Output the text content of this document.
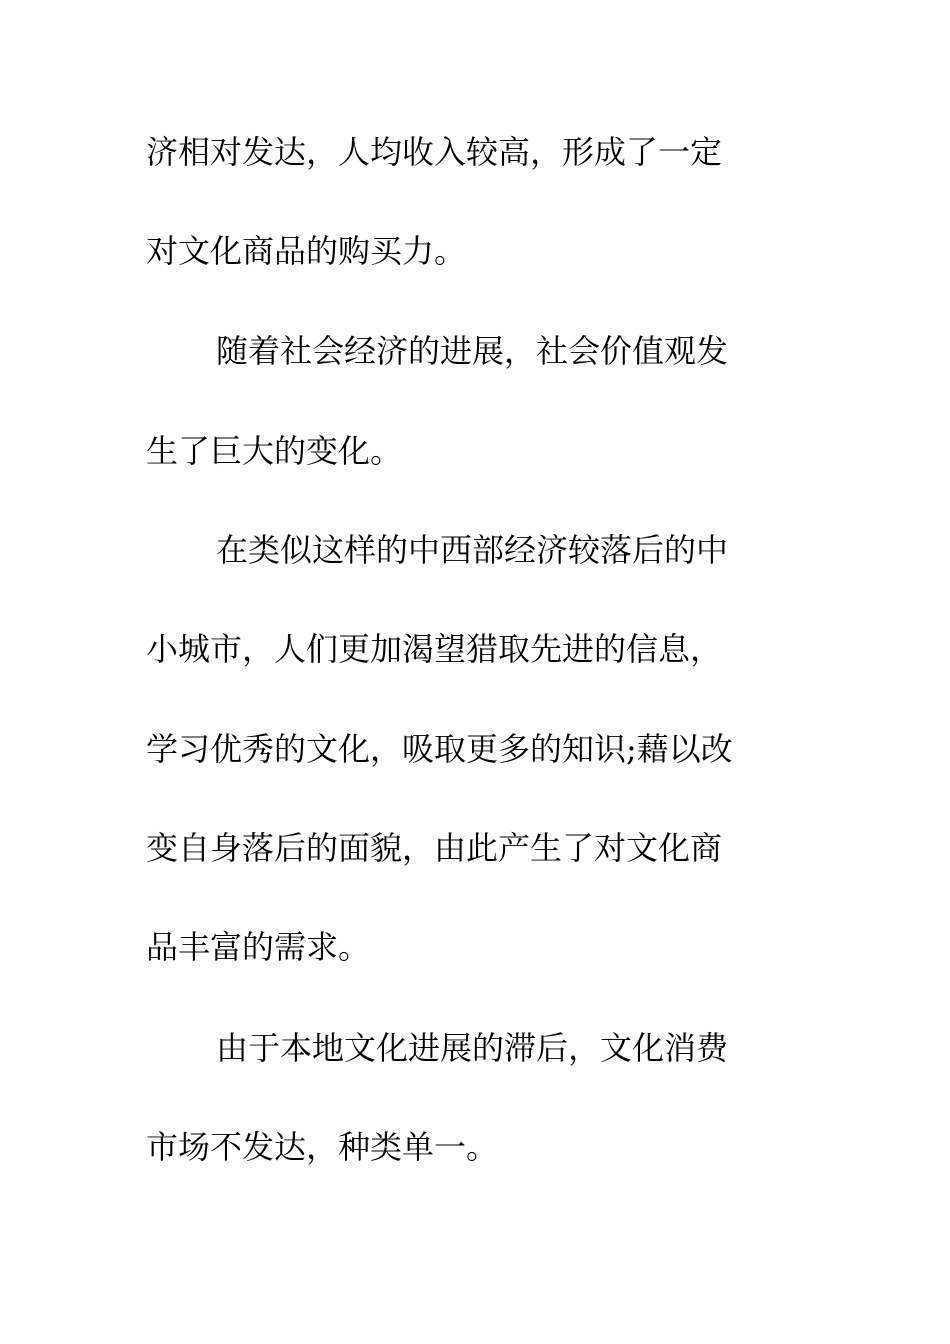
济相对发达，人均收入较高，形成了一定
对文化商品的购买力。
随着社会经济的进展，社会价值观发
生了巨大的变化。
在类似这样的中西部经济较落后的中
小城市，人们更加渴望猎取先进的信息，
学习优秀的文化，吸取更多的知识;藉以改
变自身落后的面貌，由此产生了对文化商
品丰富的需求。
由于本地文化进展的滞后，文化消费
市场不发达，种类单一。
